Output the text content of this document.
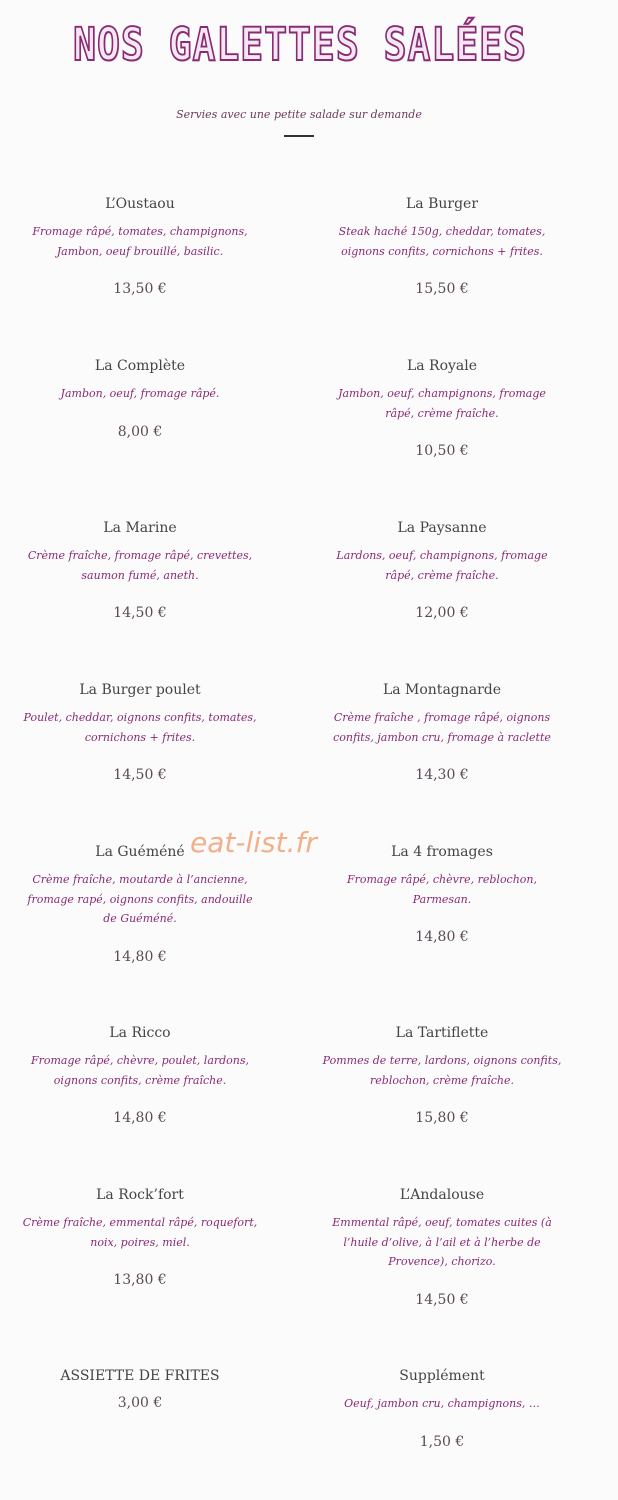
NOS GALETTES SALÉES
Servies avec une petite salade sur demande
L’Oustaou
Fromage râpé, tomates, champignons, Jambon, oeuf brouillé, basilic.
13,50 €
La Burger
Steak haché 150g, cheddar, tomates, oignons confits, cornichons + frites.
15,50 €
La Complète
Jambon, oeuf, fromage râpé.
8,00 €
La Royale
Jambon, oeuf, champignons, fromage râpé, crème fraîche.
10,50 €
La Marine
Crème fraîche, fromage râpé, crevettes, saumon fumé, aneth.
14,50 €
La Paysanne
Lardons, oeuf, champignons, fromage râpé, crème fraîche.
12,00 €
La Burger poulet
Poulet, cheddar, oignons confits, tomates, cornichons + frites.
14,50 €
La Montagnarde
Crème fraîche , fromage râpé, oignons confits, jambon cru, fromage à raclette
14,30 €
La Guéméné
Crème fraîche, moutarde à l’ancienne, fromage rapé, oignons confits, andouille de Guéméné.
14,80 €
La 4 fromages
Fromage râpé, chèvre, reblochon, Parmesan.
14,80 €
La Ricco
Fromage râpé, chèvre, poulet, lardons, oignons confits, crème fraîche.
14,80 €
La Tartiflette
Pommes de terre, lardons, oignons confits, reblochon, crème fraîche.
15,80 €
La Rock’fort
Crème fraîche, emmental râpé, roquefort, noix, poires, miel.
13,80 €
L’Andalouse
Emmental râpé, oeuf, tomates cuites (à l’huile d’olive, à l’ail et à l’herbe de Provence), chorizo.
14,50 €
ASSIETTE DE FRITES
3,00 €
Supplément
Oeuf, jambon cru, champignons, …
1,50 €
eat-list.fr
